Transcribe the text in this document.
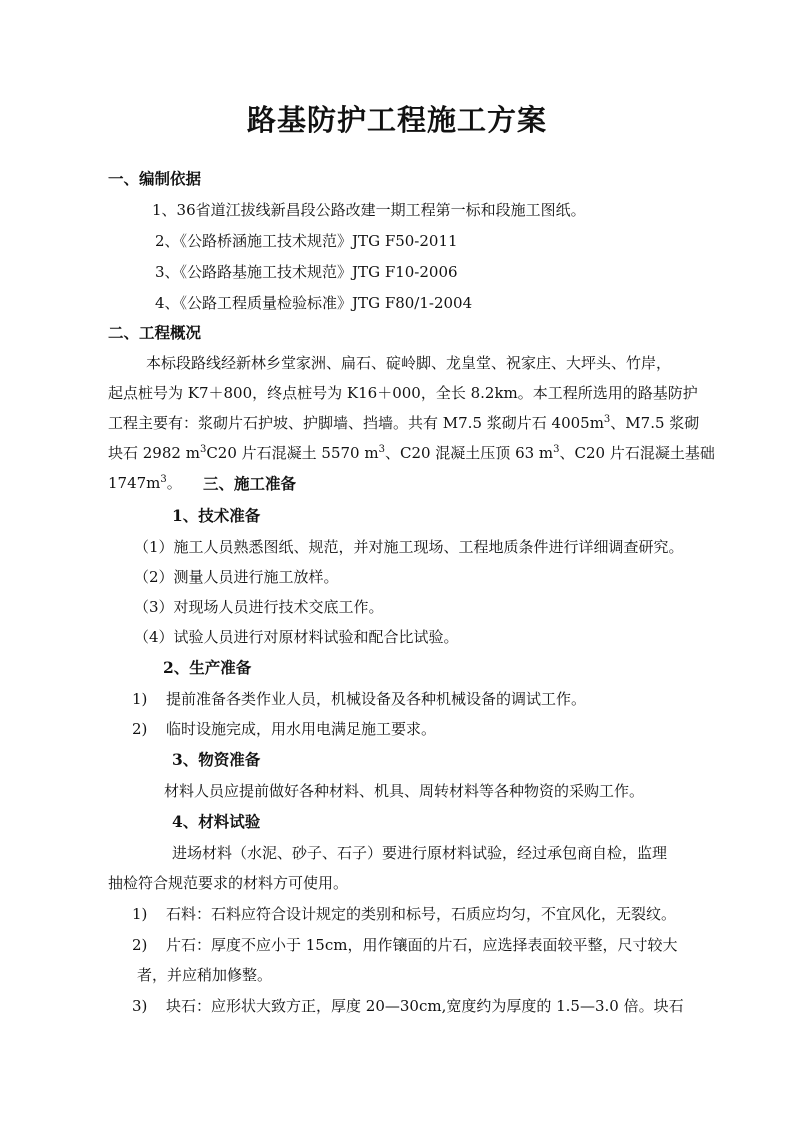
路基防护工程施工方案
一、编制依据
1、36省道江拔线新昌段公路改建一期工程第一标和段施工图纸。
2、《公路桥涵施工技术规范》JTG F50-2011
3、《公路路基施工技术规范》JTG F10-2006
4、《公路工程质量检验标准》JTG F80/1-2004
二、工程概况
本标段路线经新林乡堂家洲、扁石、碇岭脚、龙皇堂、祝家庄、大坪头、竹岸，
起点桩号为 K7＋800，终点桩号为 K16＋000，全长 8.2km。本工程所选用的路基防护
工程主要有：浆砌片石护坡、护脚墙、挡墙。共有 M7.5 浆砌片石 $4005m^3$、M7.5 浆砌
块石 2982 $m^3C20$ 片石混凝土 5570 $m^3$、C20 混凝土压顶 63 $m^3$、C20 片石混凝土基础
$1747m^3$。 三、施工准备
1、技术准备
（1）施工人员熟悉图纸、规范，并对施工现场、工程地质条件进行详细调查研究。
（2）测量人员进行施工放样。
（3）对现场人员进行技术交底工作。
（4）试验人员进行对原材料试验和配合比试验。
2、生产准备
1) 提前准备各类作业人员，机械设备及各种机械设备的调试工作。
2) 临时设施完成，用水用电满足施工要求。
3、物资准备
材料人员应提前做好各种材料、机具、周转材料等各种物资的采购工作。
4、材料试验
进场材料（水泥、砂子、石子）要进行原材料试验，经过承包商自检，监理
抽检符合规范要求的材料方可使用。
1) 石料：石料应符合设计规定的类别和标号，石质应均匀，不宜风化，无裂纹。
2) 片石：厚度不应小于 15cm，用作镶面的片石，应选择表面较平整，尺寸较大
者，并应稍加修整。
3) 块石：应形状大致方正，厚度 20—30cm,宽度约为厚度的 1.5—3.0 倍。块石
